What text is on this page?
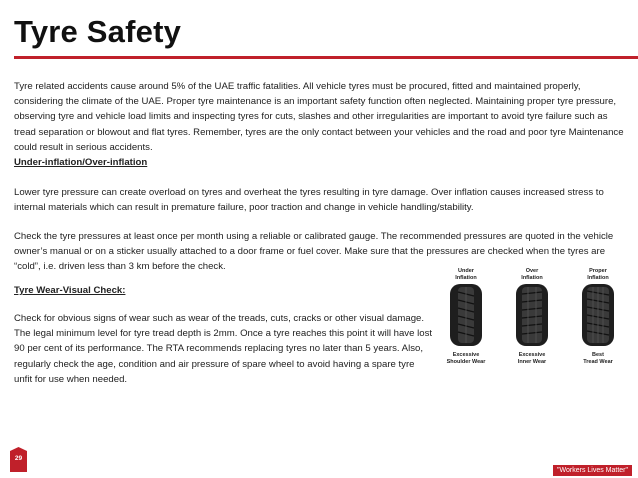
Tyre Safety

Tyre related accidents cause around 5% of the UAE traffic fatalities. All vehicle tyres must be procured, fitted and maintained properly, considering the climate of the UAE. Proper tyre maintenance is an important safety function often neglected. Maintaining proper tyre pressure, observing tyre and vehicle load limits and inspecting tyres for cuts, slashes and other irregularities are important to avoid tyre failure such as tread separation or blowout and flat tyres. Remember, tyres are the only contact between your vehicles and the road and poor tyre Maintenance could result in serious accidents.

Under-inflation/Over-inflation

Lower tyre pressure can create overload on tyres and overheat the tyres resulting in tyre damage. Over inflation causes increased stress to internal materials which can result in premature failure, poor traction and change in vehicle handling/stability.

Check the tyre pressures at least once per month using a reliable or calibrated gauge. The recommended pressures are quoted in the vehicle owner’s manual or on a sticker usually attached to a door frame or fuel cover. Make sure that the pressures are checked when the tyres are “cold”, i.e. driven less than 3 km before the check.

Tyre Wear-Visual Check:

Check for obvious signs of wear such as wear of the treads, cuts, cracks or other visual damage. The legal minimum level for tyre tread depth is 2mm. Once a tyre reaches this point it will have lost 90 per cent of its performance. The RTA recommends replacing tyres no later than 5 years. Also, regularly check the age, condition and air pressure of spare wheel to avoid having a spare tyre unfit for use when needed.

Under
Inflation
Excessive
Shoulder Wear
Over
Inflation
Excessive
Inner Wear
Proper
Inflation
Best
Tread Wear
29
"Workers Lives Matter"
